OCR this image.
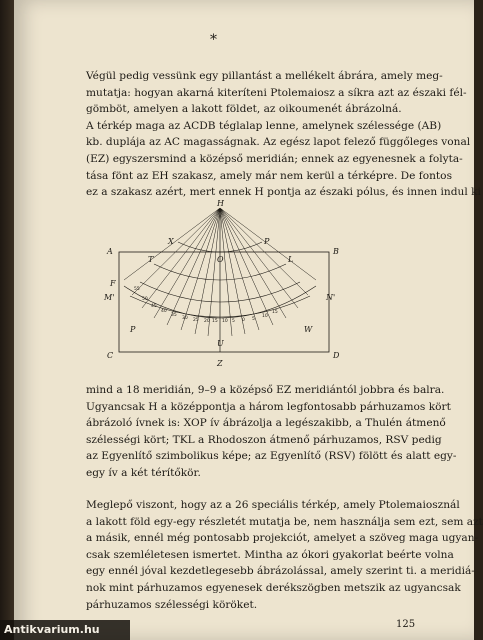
*
Végül pedig vessünk egy pillantást a mellékelt ábrára, amely meg-
mutatja: hogyan akarná kiteríteni Ptolemaiosz a síkra azt az északi fél-
gömböt, amelyen a lakott földet, az oikoumenét ábrázolná.
A térkép maga az ACDB téglalap lenne, amelynek szélessége (AB)
kb. duplája az AC magasságnak. Az egész lapot felező függőleges vonal
(EZ) egyszersmind a középső meridián; ennek az egyenesnek a folyta-
tása fönt az EH szakasz, amely már nem kerül a térképre. De fontos
ez a szakasz azért, mert ennek H pontja az északi pólus, és innen indul ki
H
A	B
C	D
X	P
T	L
F
M'	N'
O
P	W
U
Z
55
50
45
40
35
30 25 20 15 10 5 0 5
10
15
mind a 18 meridián, 9–9 a középső EZ meridiántól jobbra és balra.
Ugyancsak H a középpontja a három legfontosabb párhuzamos kört
ábrázoló ívnek is: XOP ív ábrázolja a legészakibb, a Thulén átmenő
szélességi kört; TKL a Rhodoszon átmenő párhuzamos, RSV pedig
az Egyenlítő szimbolikus képe; az Egyenlítő (RSV) fölött és alatt egy-
egy ív a két térítőkör.
Meglepő viszont, hogy az a 26 speciális térkép, amely Ptolemaiosznál
a lakott föld egy-egy részletét mutatja be, nem használja sem ezt, sem azt
a másik, ennél még pontosabb projekciót, amelyet a szöveg maga ugyan-
csak szemléletesen ismertet. Mintha az ókori gyakorlat beérte volna
egy ennél jóval kezdetlegesebb ábrázolással, amely szerint ti. a meridiá-
nok mint párhuzamos egyenesek derékszögben metszik az ugyancsak
párhuzamos szélességi köröket.
125
Antikvarium.hu
